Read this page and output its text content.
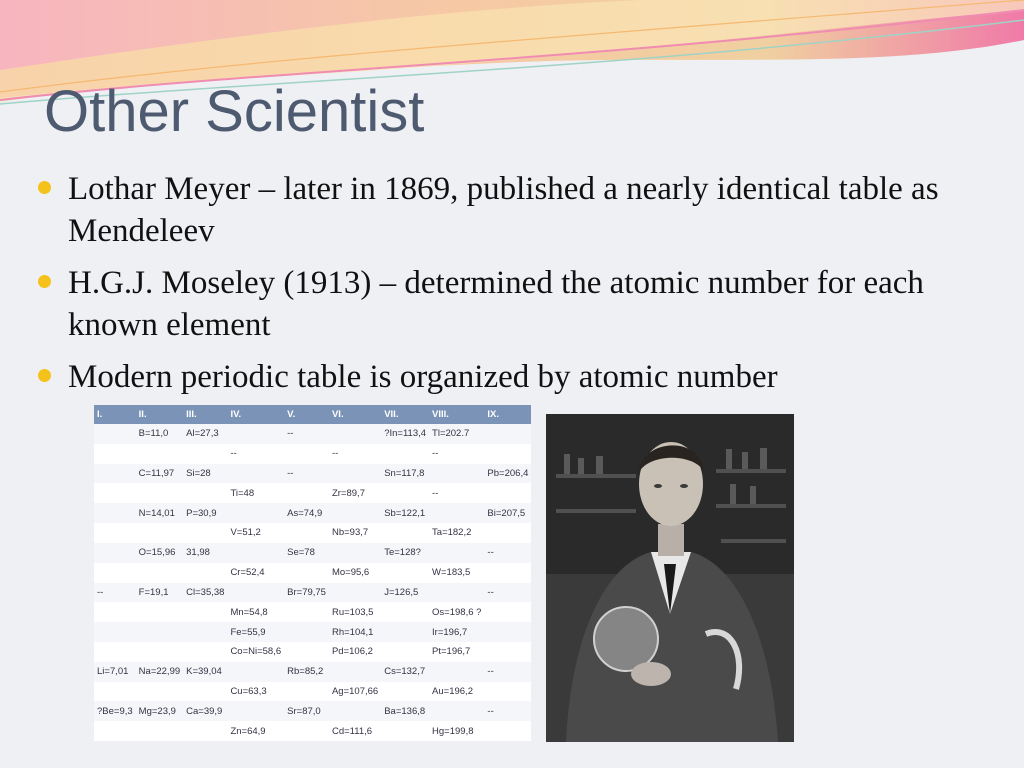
Other Scientist
Lothar Meyer – later in 1869, published a nearly identical table as Mendeleev
H.G.J. Moseley (1913) – determined the atomic number for each known element
Modern periodic table is organized by atomic number
I.	II.	III.	IV.	V.	VI.	VII.	VIII.	IX.
	B=11,0	Al=27,3		--		?In=113,4	Tl=202.7	
			--		--		--	
	C=11,97	Si=28		--		Sn=117,8		Pb=206,4
			Ti=48		Zr=89,7		--	
	N=14,01	P=30,9		As=74,9		Sb=122,1		Bi=207,5
			V=51,2		Nb=93,7		Ta=182,2	
	O=15,96	31,98		Se=78		Te=128?		--
			Cr=52,4		Mo=95,6		W=183,5	
--	F=19,1	Cl=35,38		Br=79,75		J=126,5		--
			Mn=54,8		Ru=103,5		Os=198,6 ?	
			Fe=55,9		Rh=104,1		Ir=196,7	
			Co=Ni=58,6		Pd=106,2		Pt=196,7	
Li=7,01	Na=22,99	K=39,04		Rb=85,2		Cs=132,7		--
			Cu=63,3		Ag=107,66		Au=196,2	
?Be=9,3	Mg=23,9	Ca=39,9		Sr=87,0		Ba=136,8		--
			Zn=64,9		Cd=111,6		Hg=199,8	
